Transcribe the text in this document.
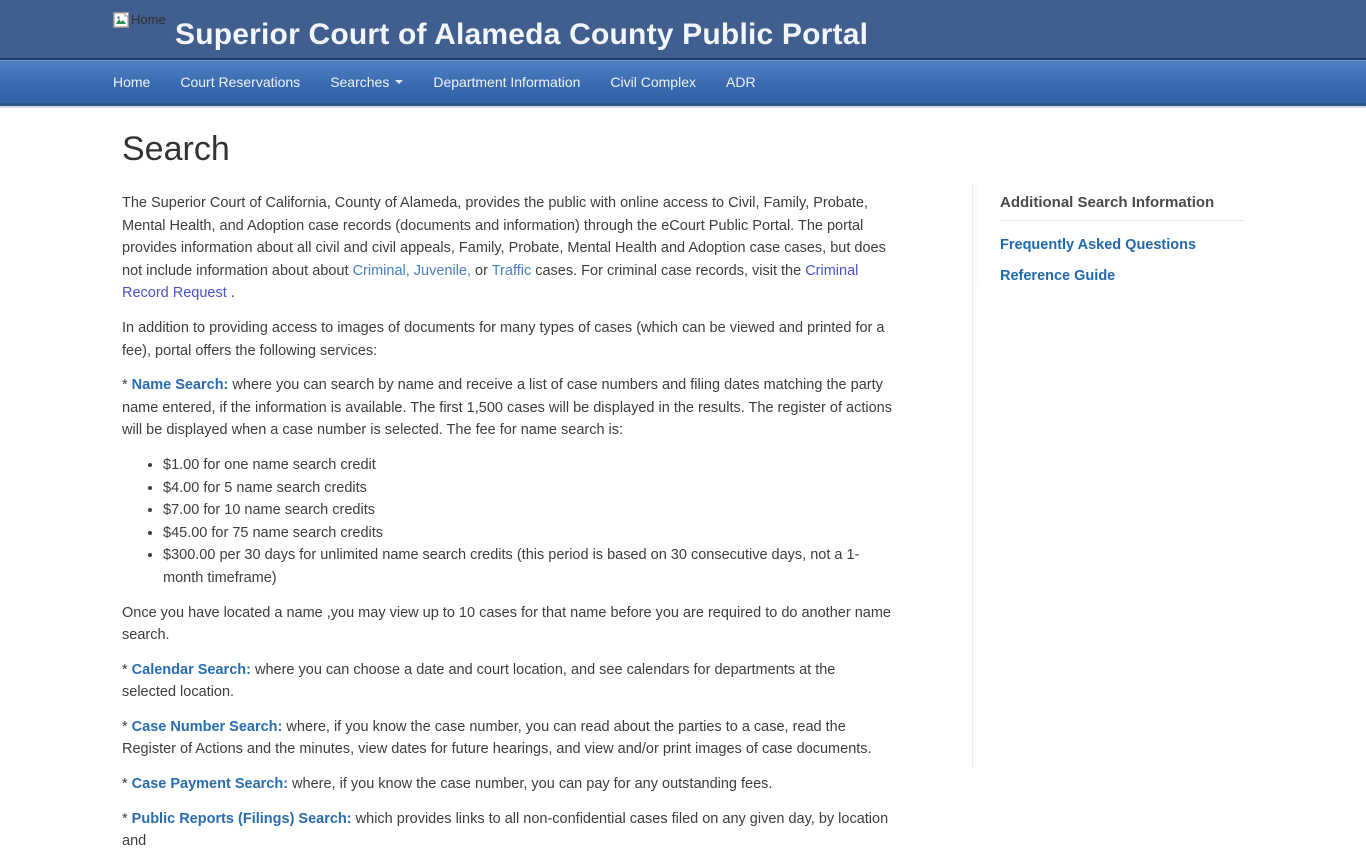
Home Superior Court of Alameda County Public Portal
Home Court Reservations Searches	Department Information Civil Complex ADR
Search

The Superior Court of California, County of Alameda, provides the public with online access to Civil, Family, Probate, Mental Health, and Adoption case records (documents and information) through the eCourt Public Portal. The portal provides information about all civil and civil appeals, Family, Probate, Mental Health and Adoption case cases, but does not include information about about Criminal, Juvenile, or Traffic cases. For criminal case records, visit the Criminal Record Request .

In addition to providing access to images of documents for many types of cases (which can be viewed and printed for a fee), portal offers the following services:

* Name Search: where you can search by name and receive a list of case numbers and filing dates matching the party name entered, if the information is available. The first 1,500 cases will be displayed in the results. The register of actions will be displayed when a case number is selected. The fee for name search is:

• $1.00 for one name search credit
• $4.00 for 5 name search credits
• $7.00 for 10 name search credits
• $45.00 for 75 name search credits
• $300.00 per 30 days for unlimited name search credits (this period is based on 30 consecutive days, not a 1-month timeframe)

Once you have located a name ,you may view up to 10 cases for that name before you are required to do another name search.

* Calendar Search: where you can choose a date and court location, and see calendars for departments at the selected location.

* Case Number Search: where, if you know the case number, you can read about the parties to a case, read the Register of Actions and the minutes, view dates for future hearings, and view and/or print images of case documents.

* Case Payment Search: where, if you know the case number, you can pay for any outstanding fees.

* Public Reports (Filings) Search: which provides links to all non-confidential cases filed on any given day, by location and

Additional Search Information
Frequently Asked Questions
Reference Guide
